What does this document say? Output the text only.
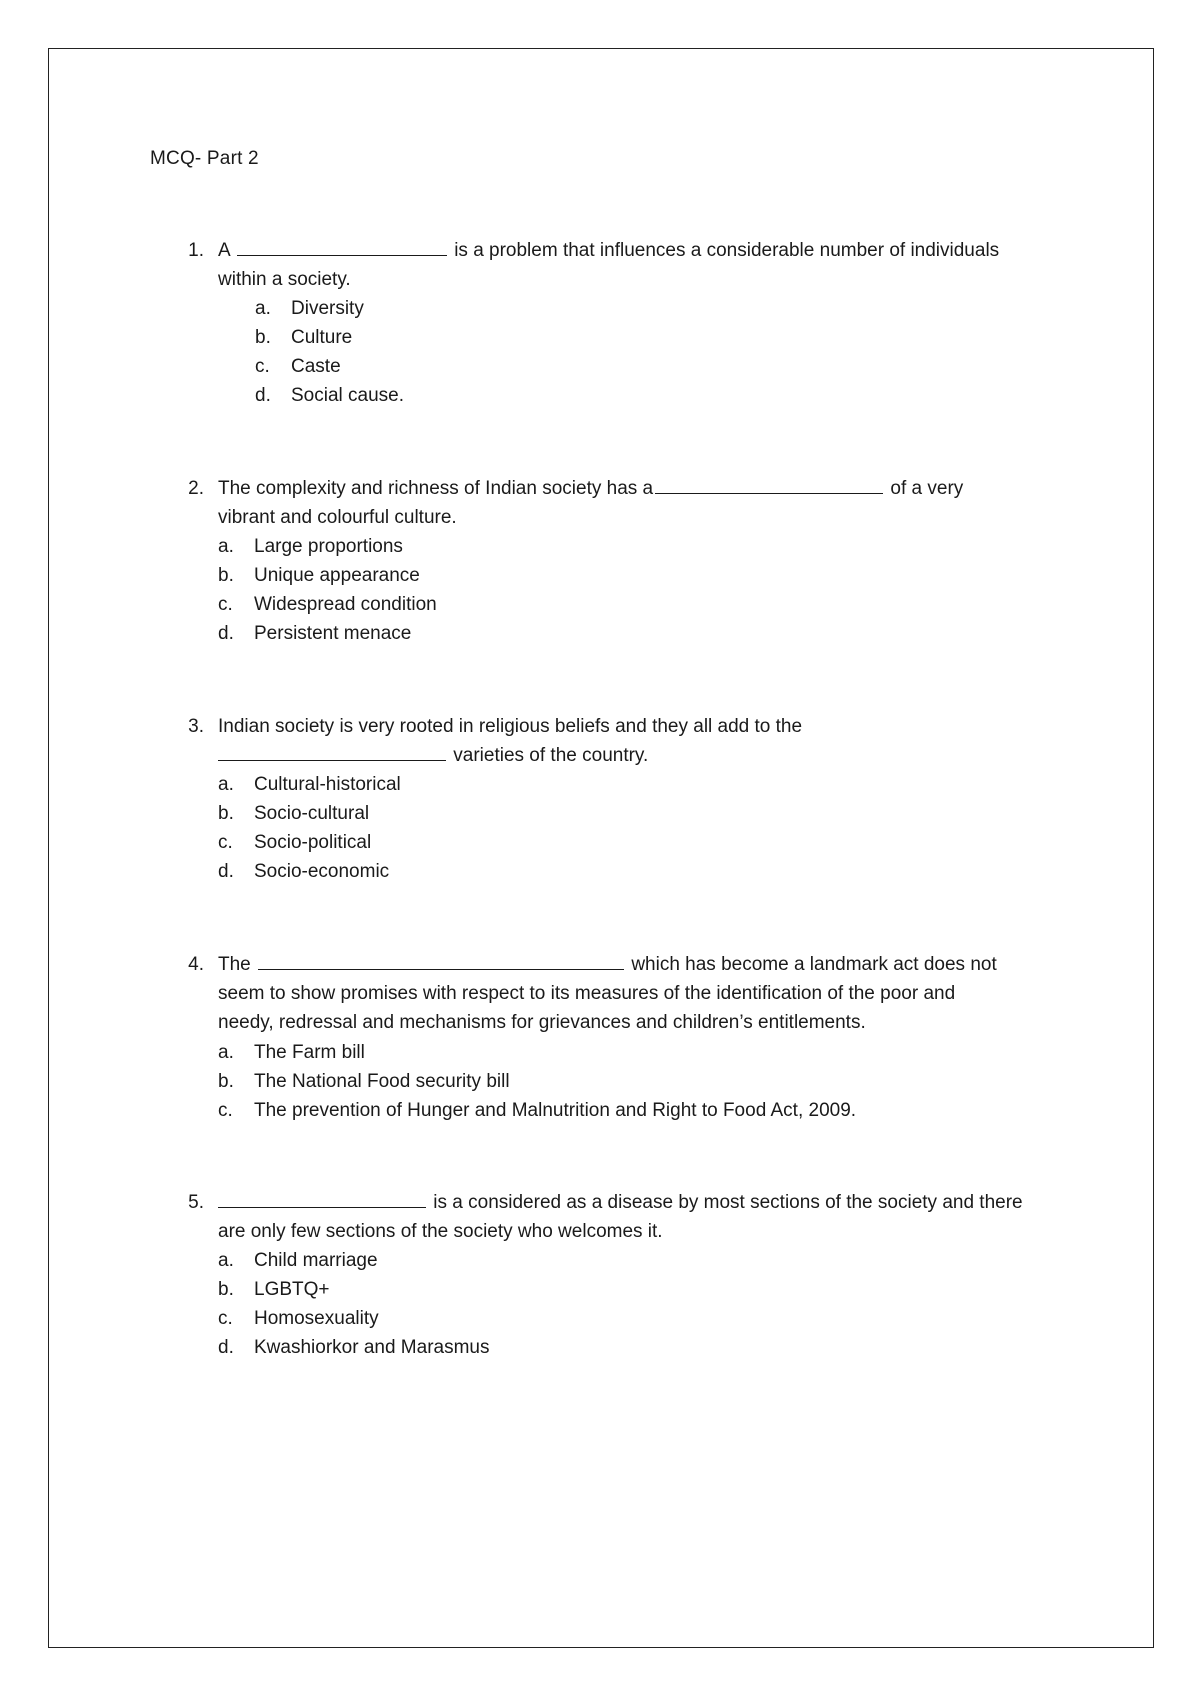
MCQ- Part 2
1. A	is a problem that influences a considerable number of individuals
within a society.
a.	Diversity
b.	Culture
c.	Caste
d.	Social cause.
2. The complexity and richness of Indian society has a	of a very
vibrant and colourful culture.
a.	Large proportions
b.	Unique appearance
c.	Widespread condition
d.	Persistent menace
3. Indian society is very rooted in religious beliefs and they all add to the
varieties of the country.
a.	Cultural-historical
b.	Socio-cultural
c.	Socio-political
d.	Socio-economic
4. The	which has become a landmark act does not
seem to show promises with respect to its measures of the identification of the poor and
needy, redressal and mechanisms for grievances and children’s entitlements.
a.	The Farm bill
b.	The National Food security bill
c.	The prevention of Hunger and Malnutrition and Right to Food Act, 2009.
5.	is a considered as a disease by most sections of the society and there
are only few sections of the society who welcomes it.
a.	Child marriage
b.	LGBTQ+
c.	Homosexuality
d.	Kwashiorkor and Marasmus
